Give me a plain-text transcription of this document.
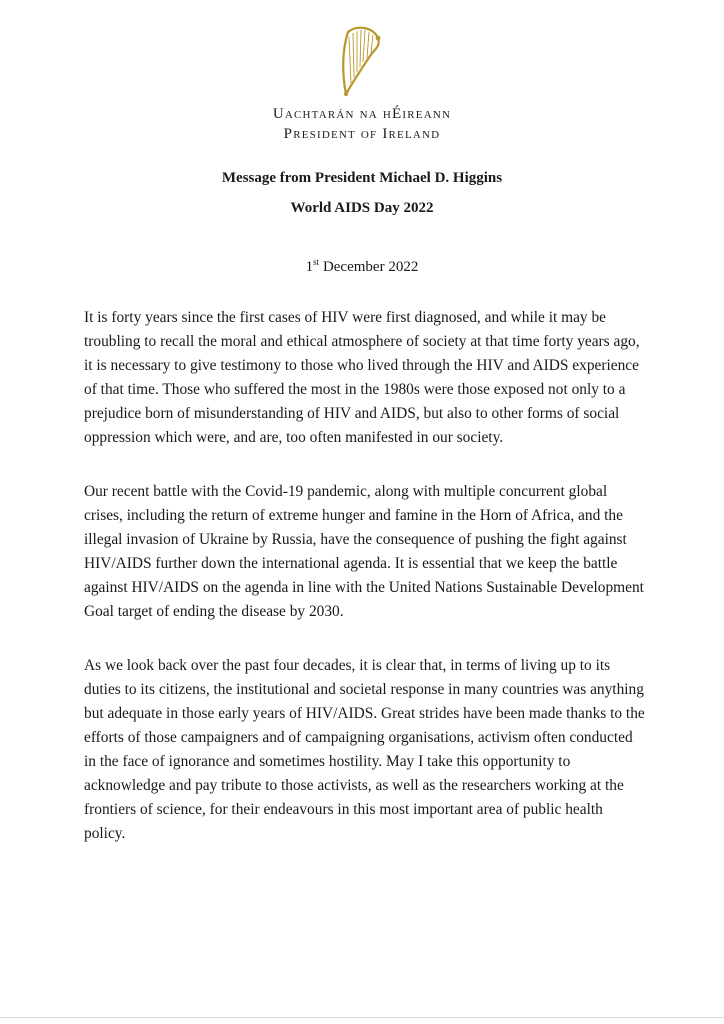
Uachtarán na hÉireann
President of Ireland
Message from President Michael D. Higgins
World AIDS Day 2022
1st December 2022

It is forty years since the first cases of HIV were first diagnosed, and while it may be troubling to recall the moral and ethical atmosphere of society at that time forty years ago, it is necessary to give testimony to those who lived through the HIV and AIDS experience of that time. Those who suffered the most in the 1980s were those exposed not only to a prejudice born of misunderstanding of HIV and AIDS, but also to other forms of social oppression which were, and are, too often manifested in our society.

Our recent battle with the Covid-19 pandemic, along with multiple concurrent global crises, including the return of extreme hunger and famine in the Horn of Africa, and the illegal invasion of Ukraine by Russia, have the consequence of pushing the fight against HIV/AIDS further down the international agenda. It is essential that we keep the battle against HIV/AIDS on the agenda in line with the United Nations Sustainable Development Goal target of ending the disease by 2030.

As we look back over the past four decades, it is clear that, in terms of living up to its duties to its citizens, the institutional and societal response in many countries was anything but adequate in those early years of HIV/AIDS. Great strides have been made thanks to the efforts of those campaigners and of campaigning organisations, activism often conducted in the face of ignorance and sometimes hostility. May I take this opportunity to acknowledge and pay tribute to those activists, as well as the researchers working at the frontiers of science, for their endeavours in this most important area of public health policy.
